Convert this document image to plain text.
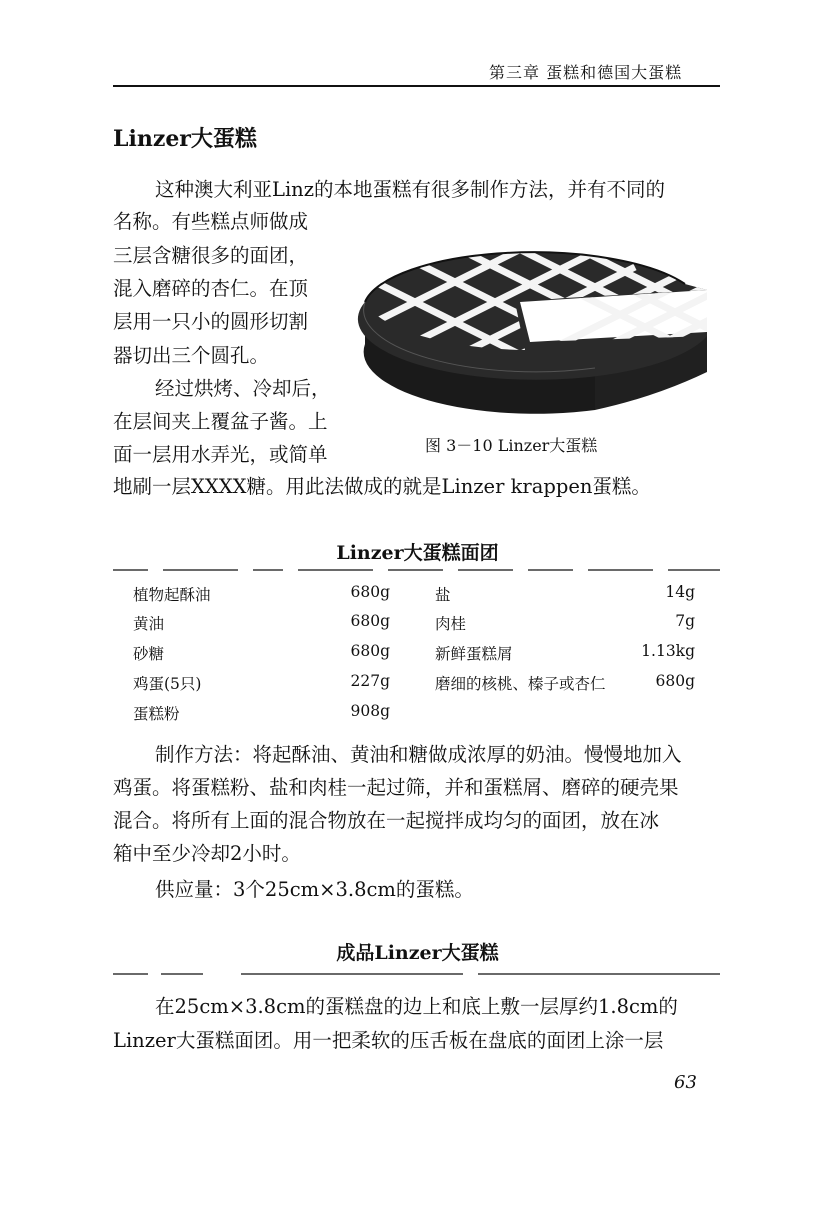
第三章 蛋糕和德国大蛋糕
Linzer大蛋糕
这种澳大利亚Linz的本地蛋糕有很多制作方法，并有不同的
名称。有些糕点师做成
三层含糖很多的面团，
混入磨碎的杏仁。在顶
层用一只小的圆形切割
器切出三个圆孔。
经过烘烤、冷却后，
在层间夹上覆盆子酱。上
面一层用水弄光，或简单
地刷一层XXXX糖。用此法做成的就是Linzer krappen蛋糕。
图 3－10 Linzer大蛋糕
Linzer大蛋糕面团
植物起酥油	680g
黄油	680g
砂糖	680g
鸡蛋(5只)	227g
蛋糕粉	908g
盐	14g
肉桂	7g
新鲜蛋糕屑	1.13kg
磨细的核桃、榛子或杏仁	680g
制作方法：将起酥油、黄油和糖做成浓厚的奶油。慢慢地加入
鸡蛋。将蛋糕粉、盐和肉桂一起过筛，并和蛋糕屑、磨碎的硬壳果
混合。将所有上面的混合物放在一起搅拌成均匀的面团，放在冰
箱中至少冷却2小时。
供应量：3个25cm×3.8cm的蛋糕。
成品Linzer大蛋糕
在25cm×3.8cm的蛋糕盘的边上和底上敷一层厚约1.8cm的
Linzer大蛋糕面团。用一把柔软的压舌板在盘底的面团上涂一层
63
